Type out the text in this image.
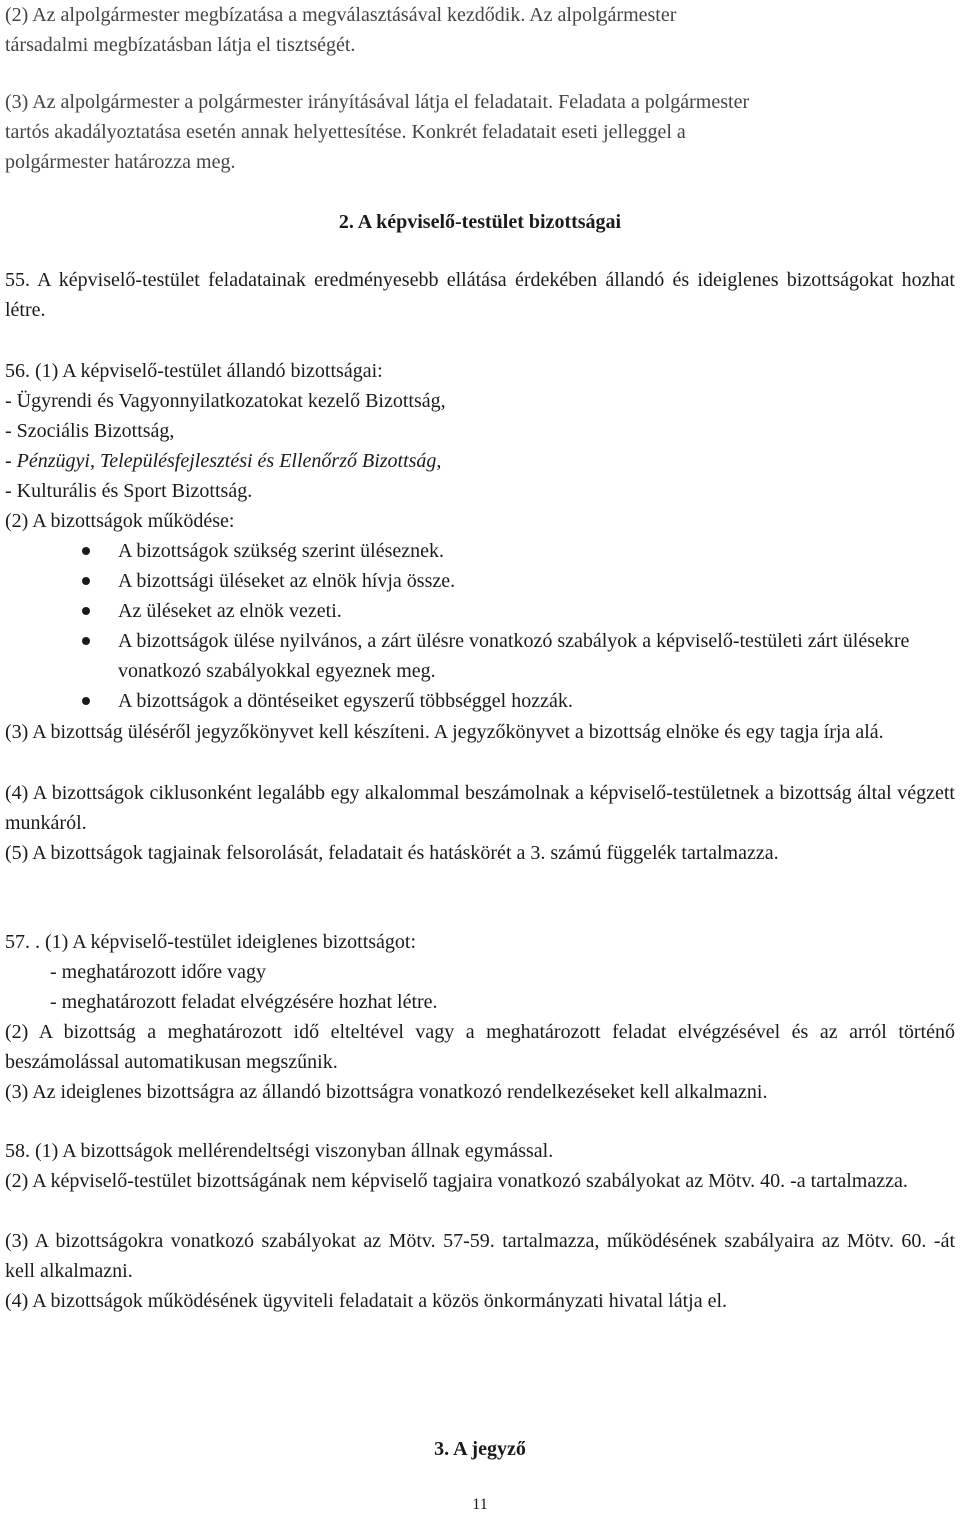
(2) Az alpolgármester megbízatása a megválasztásával kezdődik. Az alpolgármester
társadalmi megbízatásban látja el tisztségét.
(3) Az alpolgármester a polgármester irányításával látja el feladatait. Feladata a polgármester
tartós akadályoztatása esetén annak helyettesítése. Konkrét feladatait eseti jelleggel a
polgármester határozza meg.

2. A képviselő-testület bizottságai

55. A képviselő-testület feladatainak eredményesebb ellátása érdekében állandó és ideiglenes bizottságokat hozhat létre.

56. (1) A képviselő-testület állandó bizottságai:
- Ügyrendi és Vagyonnyilatkozatokat kezelő Bizottság,
- Szociális Bizottság,
- Pénzügyi, Településfejlesztési és Ellenőrző Bizottság,
- Kulturális és Sport Bizottság.
(2) A bizottságok működése:
A bizottságok szükség szerint üléseznek.
A bizottsági üléseket az elnök hívja össze.
Az üléseket az elnök vezeti.
A bizottságok ülése nyilvános, a zárt ülésre vonatkozó szabályok a képviselő-testületi zárt ülésekre vonatkozó szabályokkal egyeznek meg.
A bizottságok a döntéseiket egyszerű többséggel hozzák.

(3) A bizottság üléséről jegyzőkönyvet kell készíteni. A jegyzőkönyvet a bizottság elnöke és egy tagja írja alá.

(4) A bizottságok ciklusonként legalább egy alkalommal beszámolnak a képviselő-testületnek a bizottság által végzett munkáról.

(5) A bizottságok tagjainak felsorolását, feladatait és hatáskörét a 3. számú függelék tartalmazza.

57. . (1) A képviselő-testület ideiglenes bizottságot:
- meghatározott időre vagy
- meghatározott feladat elvégzésére hozhat létre.

(2) A bizottság a meghatározott idő elteltével vagy a meghatározott feladat elvégzésével és az arról történő beszámolással automatikusan megszűnik.

(3) Az ideiglenes bizottságra az állandó bizottságra vonatkozó rendelkezéseket kell alkalmazni.

58. (1) A bizottságok mellérendeltségi viszonyban állnak egymással.

(2) A képviselő-testület bizottságának nem képviselő tagjaira vonatkozó szabályokat az Mötv. 40. -a tartalmazza.

(3) A bizottságokra vonatkozó szabályokat az Mötv. 57-59. tartalmazza, működésének szabályaira az Mötv. 60. -át kell alkalmazni.

(4) A bizottságok működésének ügyviteli feladatait a közös önkormányzati hivatal látja el.

3. A jegyző

11
